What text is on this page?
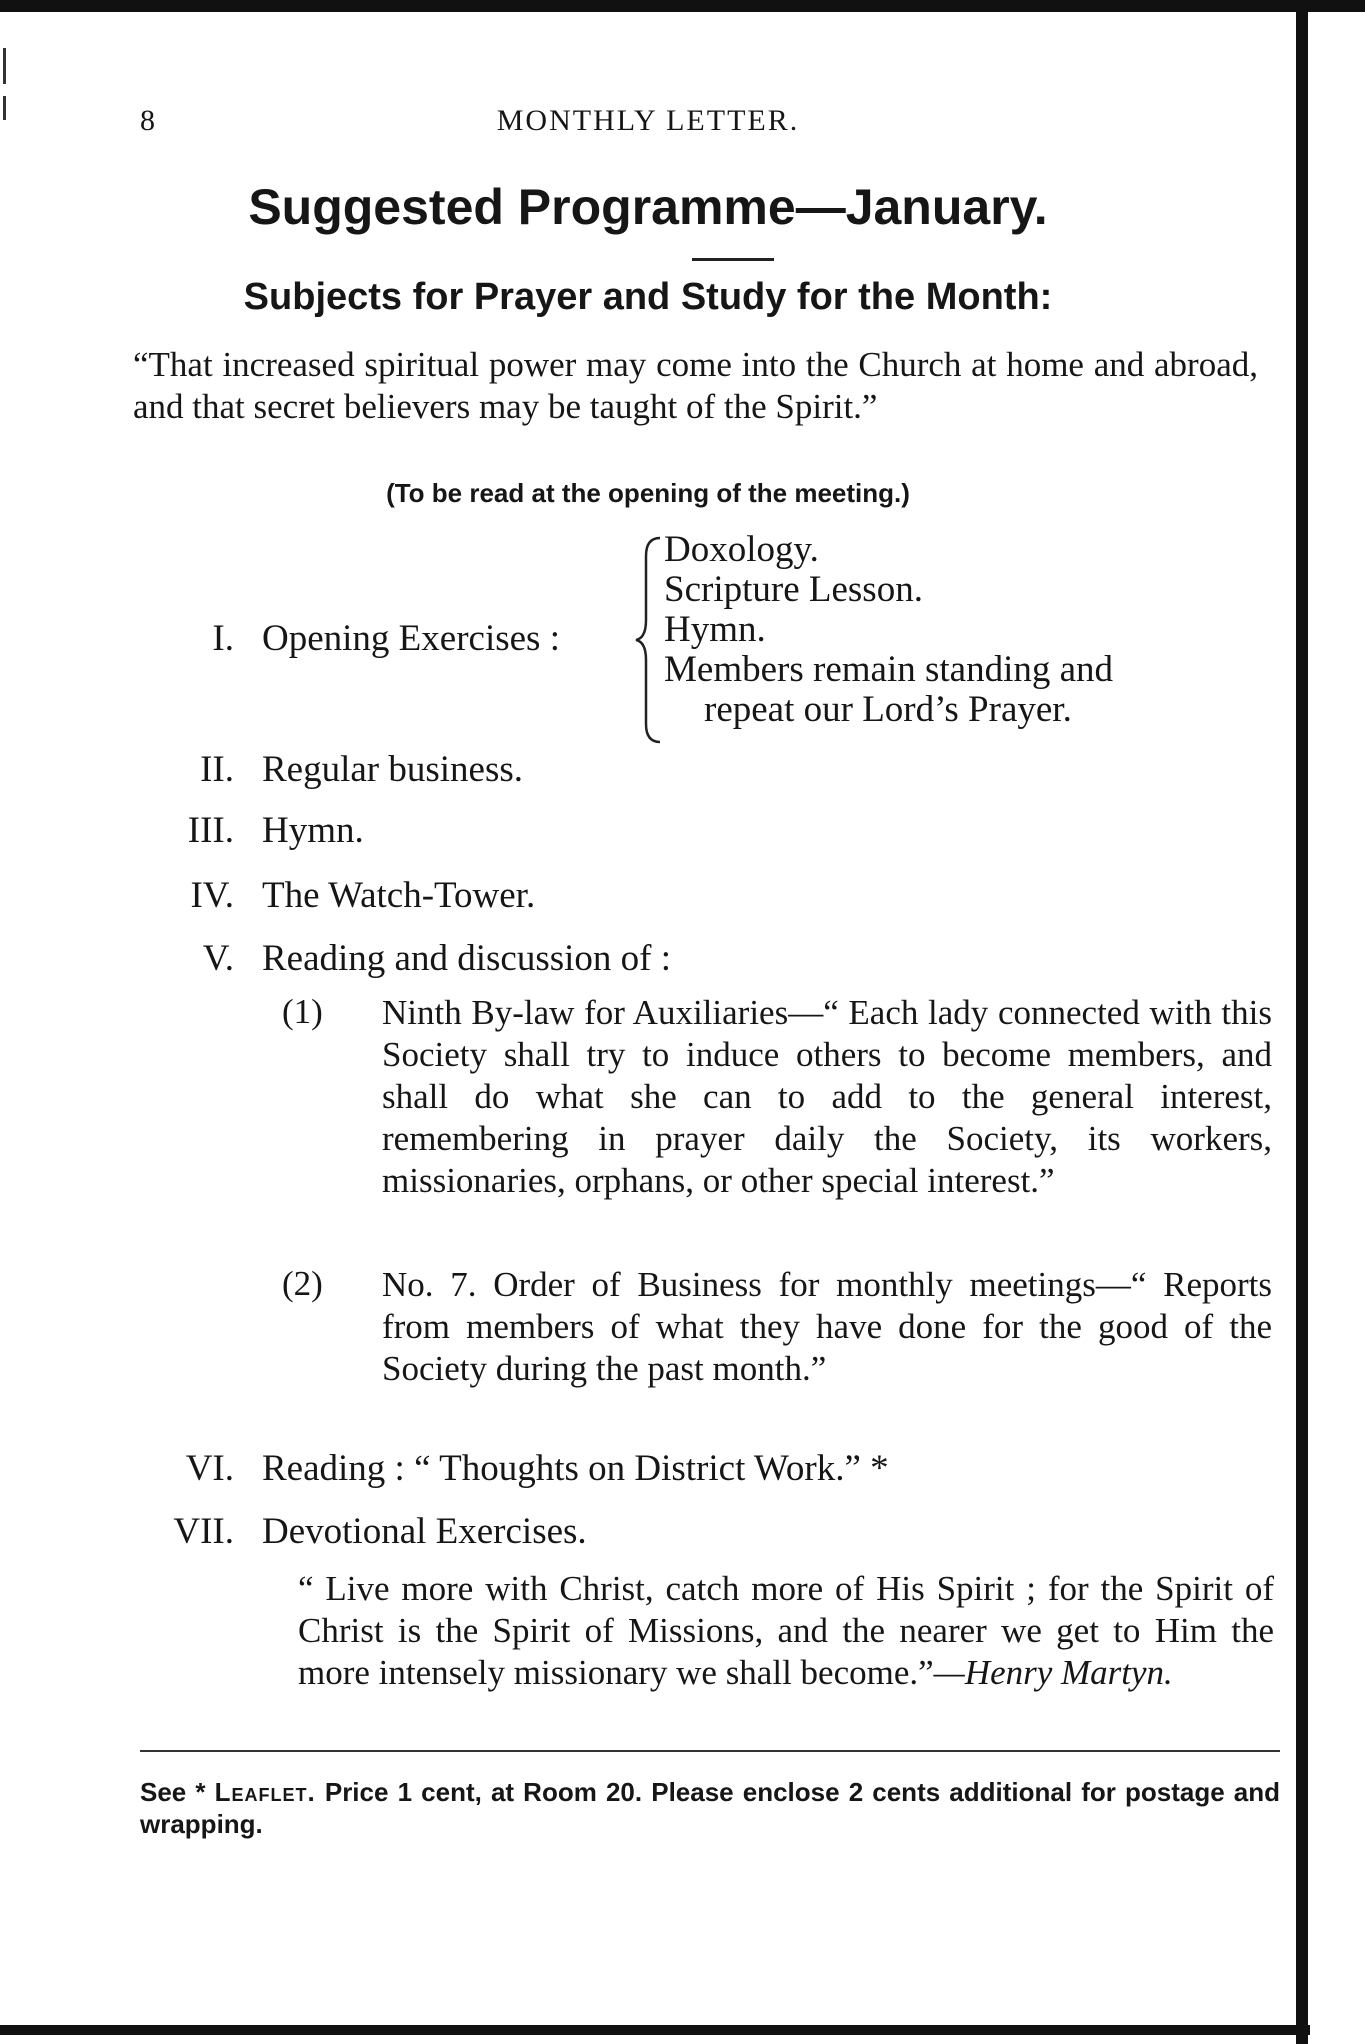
8	MONTHLY LETTER.
Suggested Programme—January.
Subjects for Prayer and Study for the Month:
“That increased spiritual power may come into the Church at home and abroad, and that secret believers may be taught of the Spirit.”
(To be read at the opening of the meeting.)
I. Opening Exercises :
Doxology.
Scripture Lesson.
Hymn.
Members remain standing and
repeat our Lord’s Prayer.
II. Regular business.
III. Hymn.
IV. The Watch-Tower.
V. Reading and discussion of :
(1) Ninth By-law for Auxiliaries—“ Each lady connected with this Society shall try to induce others to become members, and shall do what she can to add to the general interest, remembering in prayer daily the Society, its workers, missionaries, orphans, or other special interest.”
(2) No. 7. Order of Business for monthly meetings—“ Reports from members of what they have done for the good of the Society during the past month.”
VI. Reading : “ Thoughts on District Work.” *
VII. Devotional Exercises.
“ Live more with Christ, catch more of His Spirit ; for the Spirit of Christ is the Spirit of Missions, and the nearer we get to Him the more intensely missionary we shall become.”—Henry Martyn.
See * Leaflet. Price 1 cent, at Room 20. Please enclose 2 cents additional for postage and wrapping.
